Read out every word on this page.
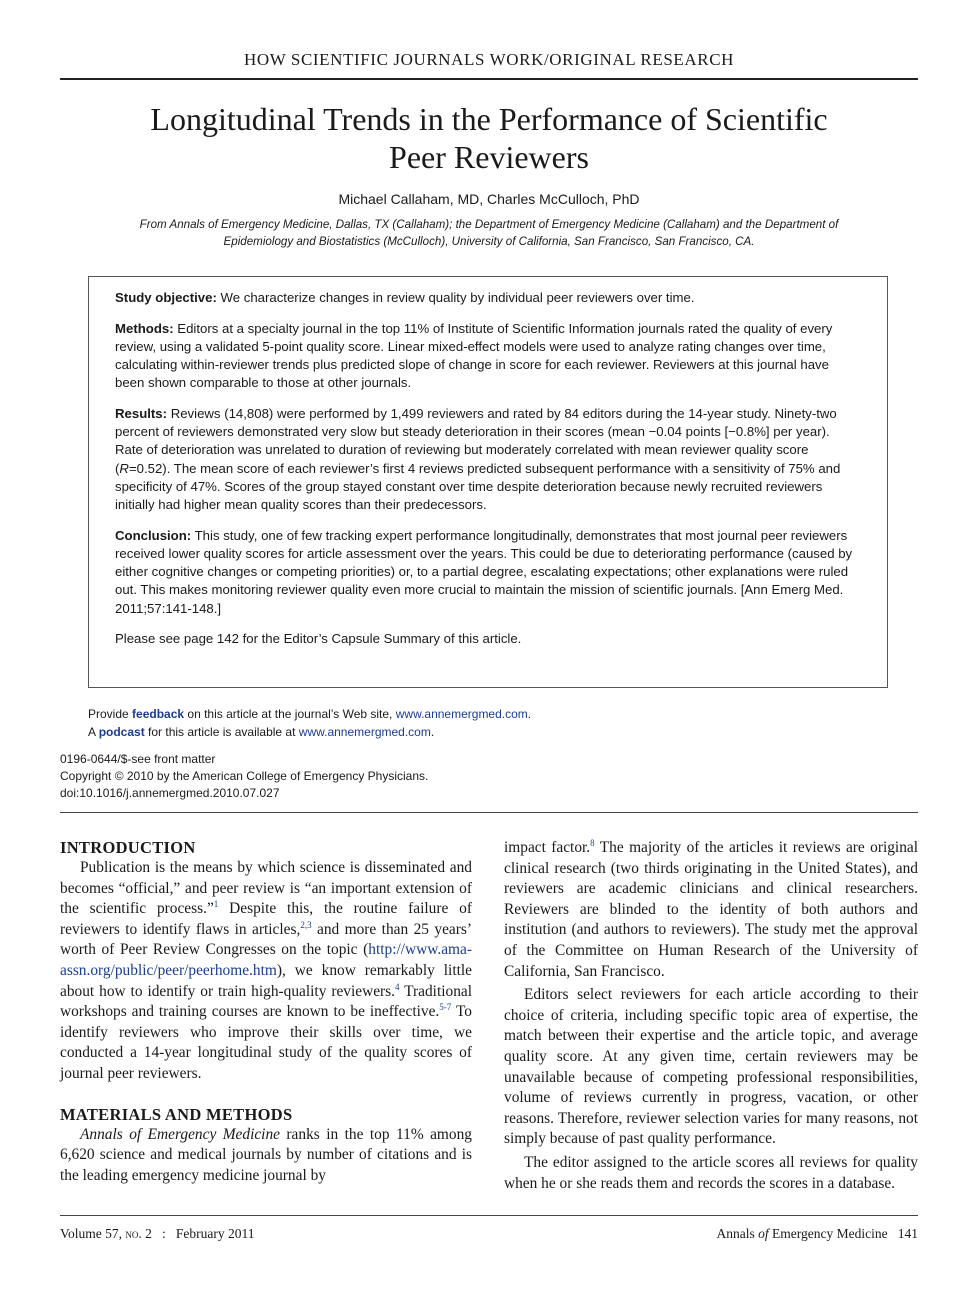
HOW SCIENTIFIC JOURNALS WORK/ORIGINAL RESEARCH
Longitudinal Trends in the Performance of Scientific
Peer Reviewers
Michael Callaham, MD, Charles McCulloch, PhD
From Annals of Emergency Medicine, Dallas, TX (Callaham); the Department of Emergency Medicine (Callaham) and the Department of
Epidemiology and Biostatistics (McCulloch), University of California, San Francisco, San Francisco, CA.

Study objective: We characterize changes in review quality by individual peer reviewers over time.

Methods: Editors at a specialty journal in the top 11% of Institute of Scientific Information journals rated the quality of every review, using a validated 5-point quality score. Linear mixed-effect models were used to analyze rating changes over time, calculating within-reviewer trends plus predicted slope of change in score for each reviewer. Reviewers at this journal have been shown comparable to those at other journals.

Results: Reviews (14,808) were performed by 1,499 reviewers and rated by 84 editors during the 14-year study. Ninety-two percent of reviewers demonstrated very slow but steady deterioration in their scores (mean −0.04 points [−0.8%] per year). Rate of deterioration was unrelated to duration of reviewing but moderately correlated with mean reviewer quality score (R=0.52). The mean score of each reviewer’s first 4 reviews predicted subsequent performance with a sensitivity of 75% and specificity of 47%. Scores of the group stayed constant over time despite deterioration because newly recruited reviewers initially had higher mean quality scores than their predecessors.

Conclusion: This study, one of few tracking expert performance longitudinally, demonstrates that most journal peer reviewers received lower quality scores for article assessment over the years. This could be due to deteriorating performance (caused by either cognitive changes or competing priorities) or, to a partial degree, escalating expectations; other explanations were ruled out. This makes monitoring reviewer quality even more crucial to maintain the mission of scientific journals. [Ann Emerg Med. 2011;57:141-148.]

Please see page 142 for the Editor’s Capsule Summary of this article.

Provide feedback on this article at the journal’s Web site, www.annemergmed.com.
A podcast for this article is available at www.annemergmed.com.
0196-0644/$-see front matter
Copyright © 2010 by the American College of Emergency Physicians.
doi:10.1016/j.annemergmed.2010.07.027
INTRODUCTION

Publication is the means by which science is disseminated and becomes “official,” and peer review is “an important extension of the scientific process.”$^1$ Despite this, the routine failure of reviewers to identify flaws in articles,$^{2,3}$ and more than 25 years’ worth of Peer Review Congresses on the topic (http://www.ama-assn.org/public/peer/peerhome.htm), we know remarkably little about how to identify or train high-quality reviewers.$^4$ Traditional workshops and training courses are known to be ineffective.$^{5-7}$ To identify reviewers who improve their skills over time, we conducted a 14-year longitudinal study of the quality scores of journal peer reviewers.

MATERIALS AND METHODS

Annals of Emergency Medicine ranks in the top 11% among 6,620 science and medical journals by number of citations and is the leading emergency medicine journal by

impact factor.$^8$ The majority of the articles it reviews are original clinical research (two thirds originating in the United States), and reviewers are academic clinicians and clinical researchers. Reviewers are blinded to the identity of both authors and institution (and authors to reviewers). The study met the approval of the Committee on Human Research of the University of California, San Francisco.

Editors select reviewers for each article according to their choice of criteria, including specific topic area of expertise, the match between their expertise and the article topic, and average quality score. At any given time, certain reviewers may be unavailable because of competing professional responsibilities, volume of reviews currently in progress, vacation, or other reasons. Therefore, reviewer selection varies for many reasons, not simply because of past quality performance.

The editor assigned to the article scores all reviews for quality when he or she reads them and records the scores in a database.

Volume 57, no. 2 : February 2011	Annals of Emergency Medicine 141
